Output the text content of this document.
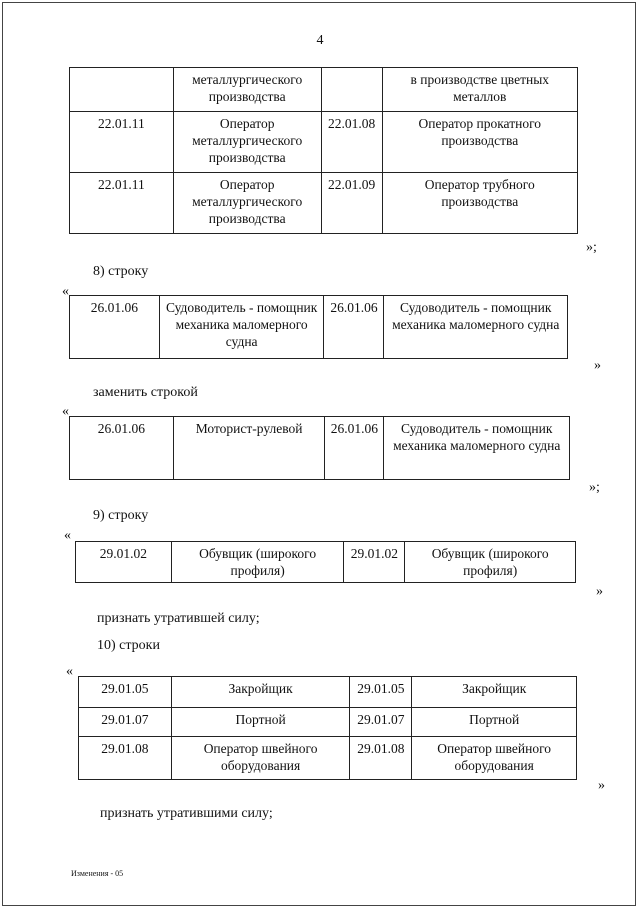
4
	металлургического производства		в производстве цветных металлов
22.01.11	Оператор металлургического производства	22.01.08	Оператор прокатного производства
22.01.11	Оператор металлургического производства	22.01.09	Оператор трубного производства
»;
8) строку
«
26.01.06	Судоводитель - помощник механика маломерного судна	26.01.06	Судоводитель - помощник механика маломерного судна
»
заменить строкой
«
26.01.06	Моторист-рулевой	26.01.06	Судоводитель - помощник механика маломерного судна
»;
9) строку
«
29.01.02	Обувщик (широкого профиля)	29.01.02	Обувщик (широкого профиля)
»
признать утратившей силу;
10) строки
«
29.01.05	Закройщик	29.01.05	Закройщик
29.01.07	Портной	29.01.07	Портной
29.01.08	Оператор швейного оборудования	29.01.08	Оператор швейного оборудования
»
признать утратившими силу;
Изменения - 05
